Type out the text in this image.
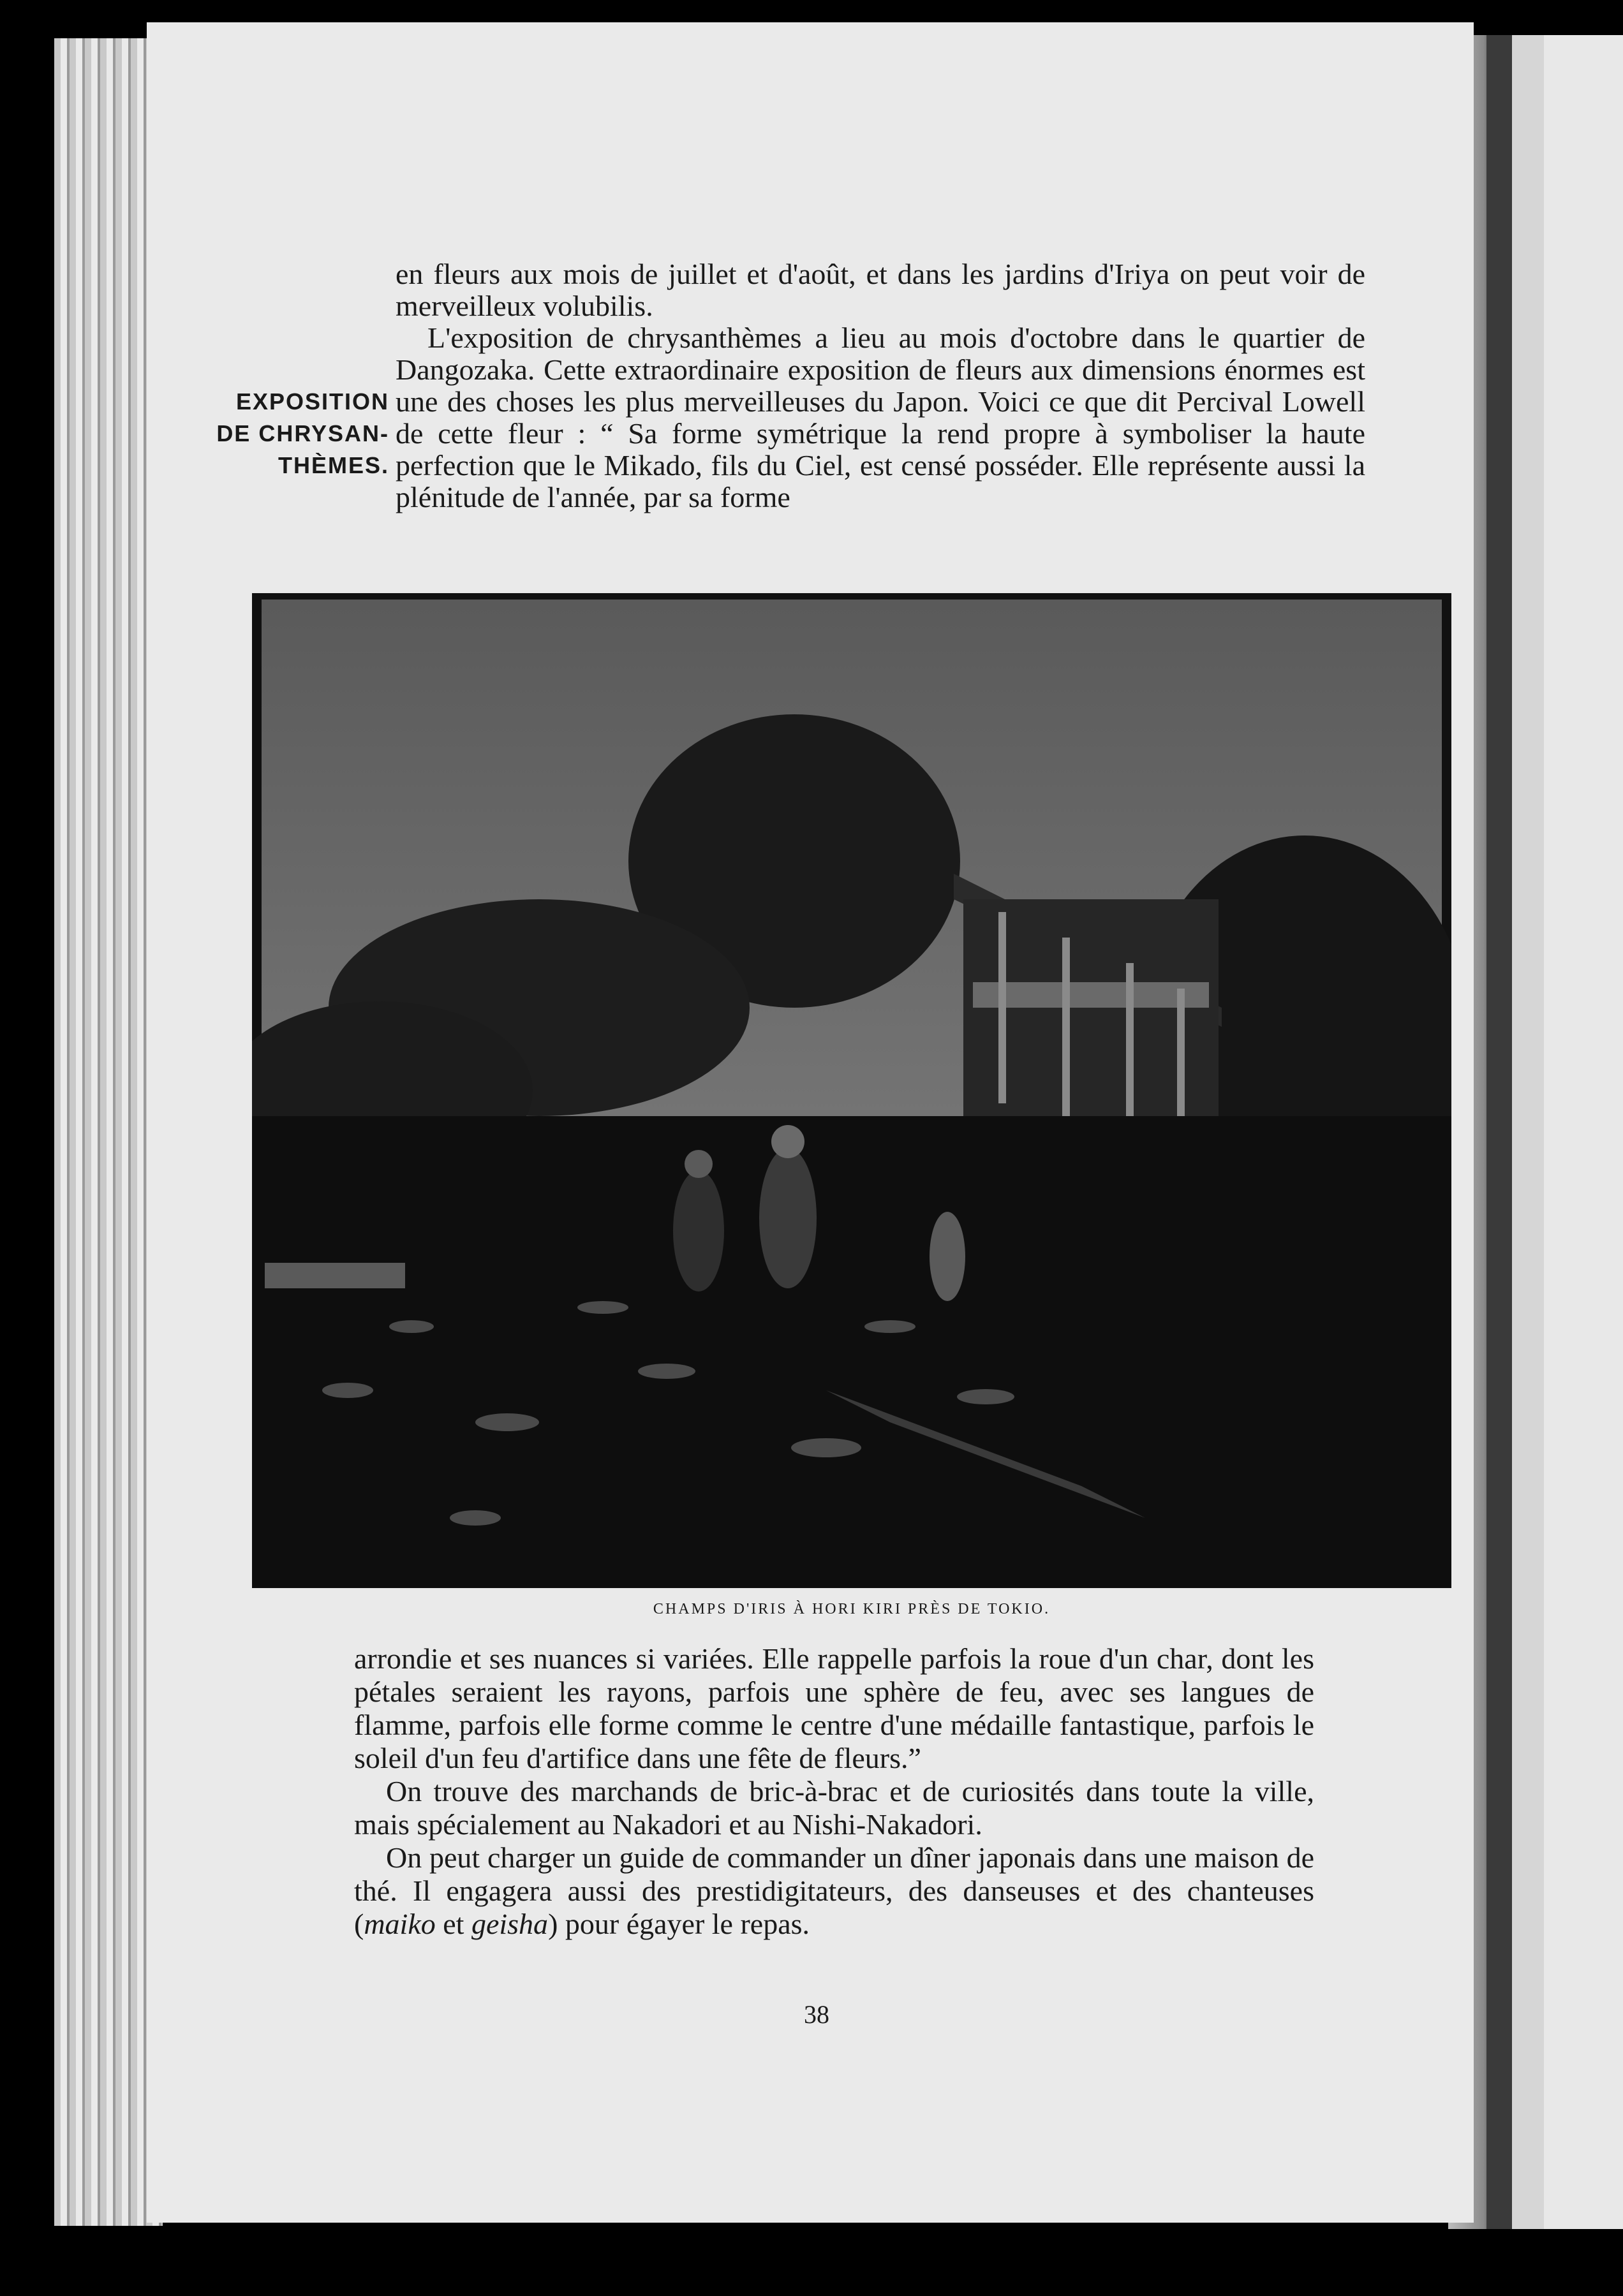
en fleurs aux mois de juillet et d'août, et dans les jardins d'Iriya on peut voir de merveilleux volubilis.

EXPOSITION
DE CHRYSAN-
THÈMES.

L'exposition de chrysanthèmes a lieu au mois d'octobre dans le quartier de Dangozaka. Cette extraordinaire exposition de fleurs aux dimensions énormes est une des choses les plus merveilleuses du Japon. Voici ce que dit Percival Lowell de cette fleur : “ Sa forme symétrique la rend propre à symboliser la haute perfection que le Mikado, fils du Ciel, est censé posséder. Elle représente aussi la plénitude de l'année, par sa forme

CHAMPS D'IRIS À HORI KIRI PRÈS DE TOKIO.

arrondie et ses nuances si variées. Elle rappelle parfois la roue d'un char, dont les pétales seraient les rayons, parfois une sphère de feu, avec ses langues de flamme, parfois elle forme comme le centre d'une médaille fantastique, parfois le soleil d'un feu d'artifice dans une fête de fleurs.”

On trouve des marchands de bric-à-brac et de curiosités dans toute la ville, mais spécialement au Nakadori et au Nishi-Nakadori.

On peut charger un guide de commander un dîner japonais dans une maison de thé. Il engagera aussi des prestidigitateurs, des danseuses et des chanteuses (maiko et geisha) pour égayer le repas.

38
